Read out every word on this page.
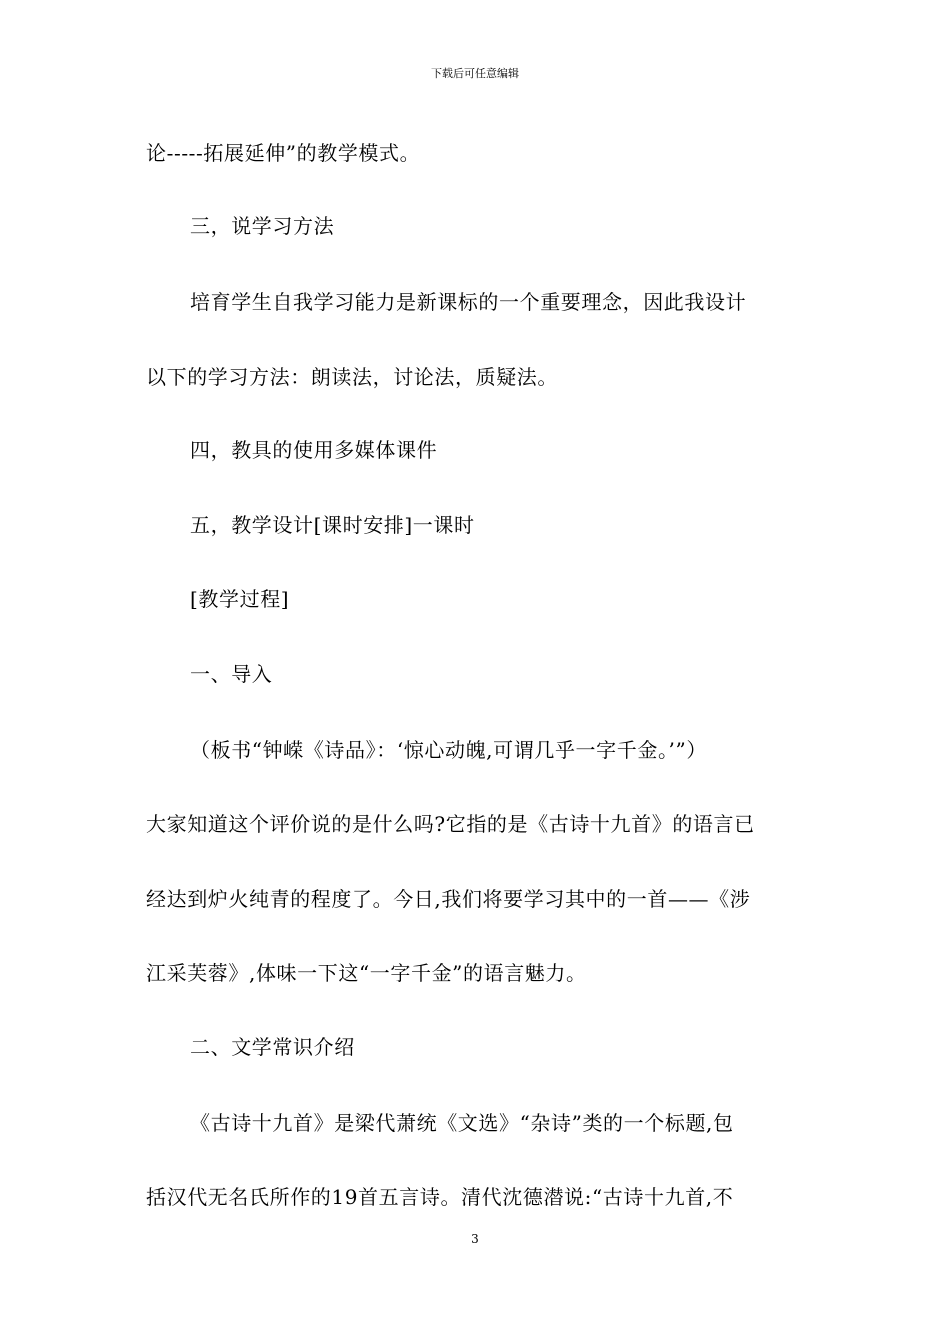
下载后可任意编辑
论-----拓展延伸”的教学模式。
三，说学习方法
培育学生自我学习能力是新课标的一个重要理念，因此我设计
以下的学习方法：朗读法，讨论法，质疑法。
四，教具的使用多媒体课件
五，教学设计[课时安排]一课时
[教学过程]
一、导入
（板书“钟嵘《诗品》：‘惊心动魄,可谓几乎一字千金。’”）
大家知道这个评价说的是什么吗?它指的是《古诗十九首》的语言已
经达到炉火纯青的程度了。今日,我们将要学习其中的一首——《涉
江采芙蓉》,体味一下这“一字千金”的语言魅力。
二、文学常识介绍
《古诗十九首》是梁代萧统《文选》“杂诗”类的一个标题,包
括汉代无名氏所作的19首五言诗。清代沈德潜说:“古诗十九首,不
3
